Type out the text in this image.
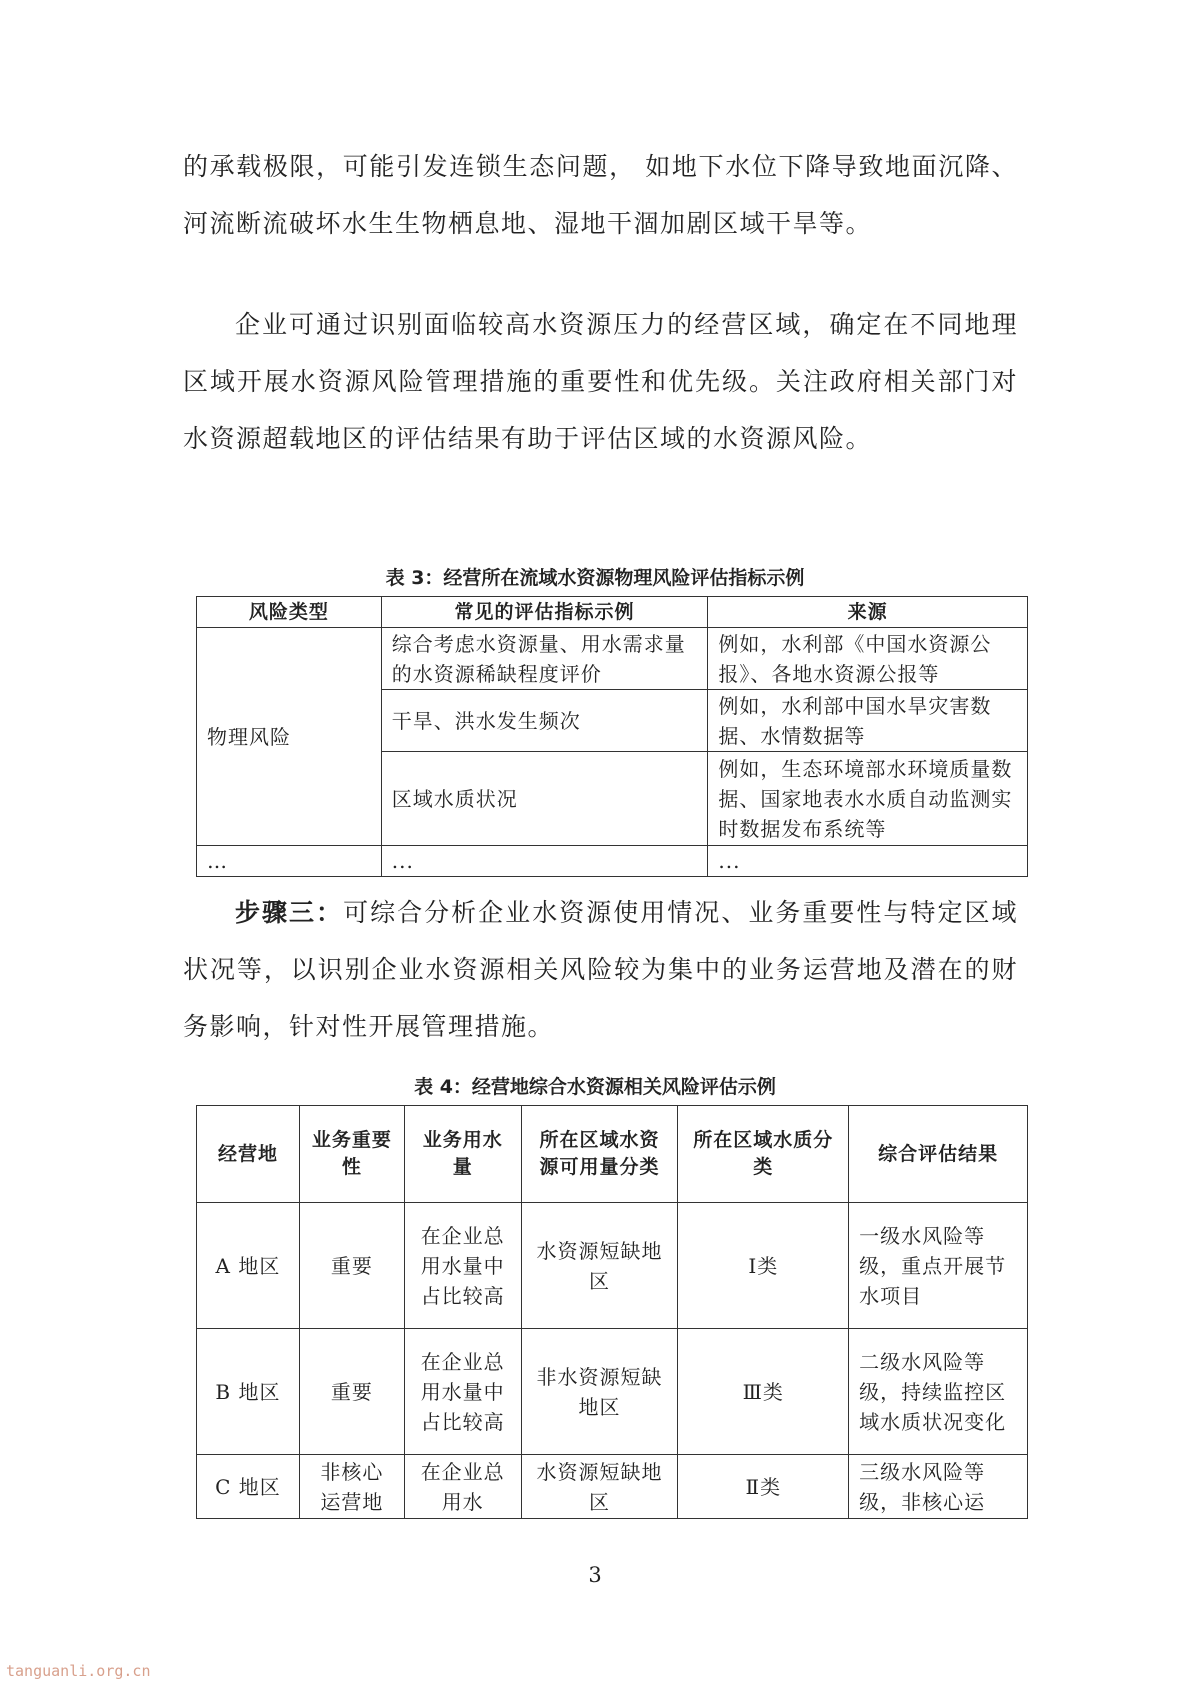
的承载极限，可能引发连锁生态问题， 如地下水位下降导致地面沉降、河流断流破坏水生生物栖息地、湿地干涸加剧区域干旱等。

企业可通过识别面临较高水资源压力的经营区域，确定在不同地理区域开展水资源风险管理措施的重要性和优先级。关注政府相关部门对水资源超载地区的评估结果有助于评估区域的水资源风险。

表 3：经营所在流域水资源物理风险评估指标示例
风险类型	常见的评估指标示例	来源
物理风险	综合考虑水资源量、用水需求量的水资源稀缺程度评价	例如，水利部《中国水资源公报》、各地水资源公报等
	干旱、洪水发生频次	例如，水利部中国水旱灾害数据、水情数据等
	区域水质状况	例如，生态环境部水环境质量数据、国家地表水水质自动监测实时数据发布系统等
…	...	...

步骤三：可综合分析企业水资源使用情况、业务重要性与特定区域状况等，以识别企业水资源相关风险较为集中的业务运营地及潜在的财务影响，针对性开展管理措施。

表 4：经营地综合水资源相关风险评估示例
经营地	业务重要性	业务用水量	所在区域水资源可用量分类	所在区域水质分类	综合评估结果
A 地区	重要	在企业总用水量中占比较高	水资源短缺地区	Ⅰ类	一级水风险等级，重点开展节水项目
B 地区	重要	在企业总用水量中占比较高	非水资源短缺地区	Ⅲ类	二级水风险等级，持续监控区域水质状况变化
C 地区	非核心运营地	在企业总用水	水资源短缺地区	Ⅱ类	三级水风险等级，非核心运
3
tanguanli.org.cn
